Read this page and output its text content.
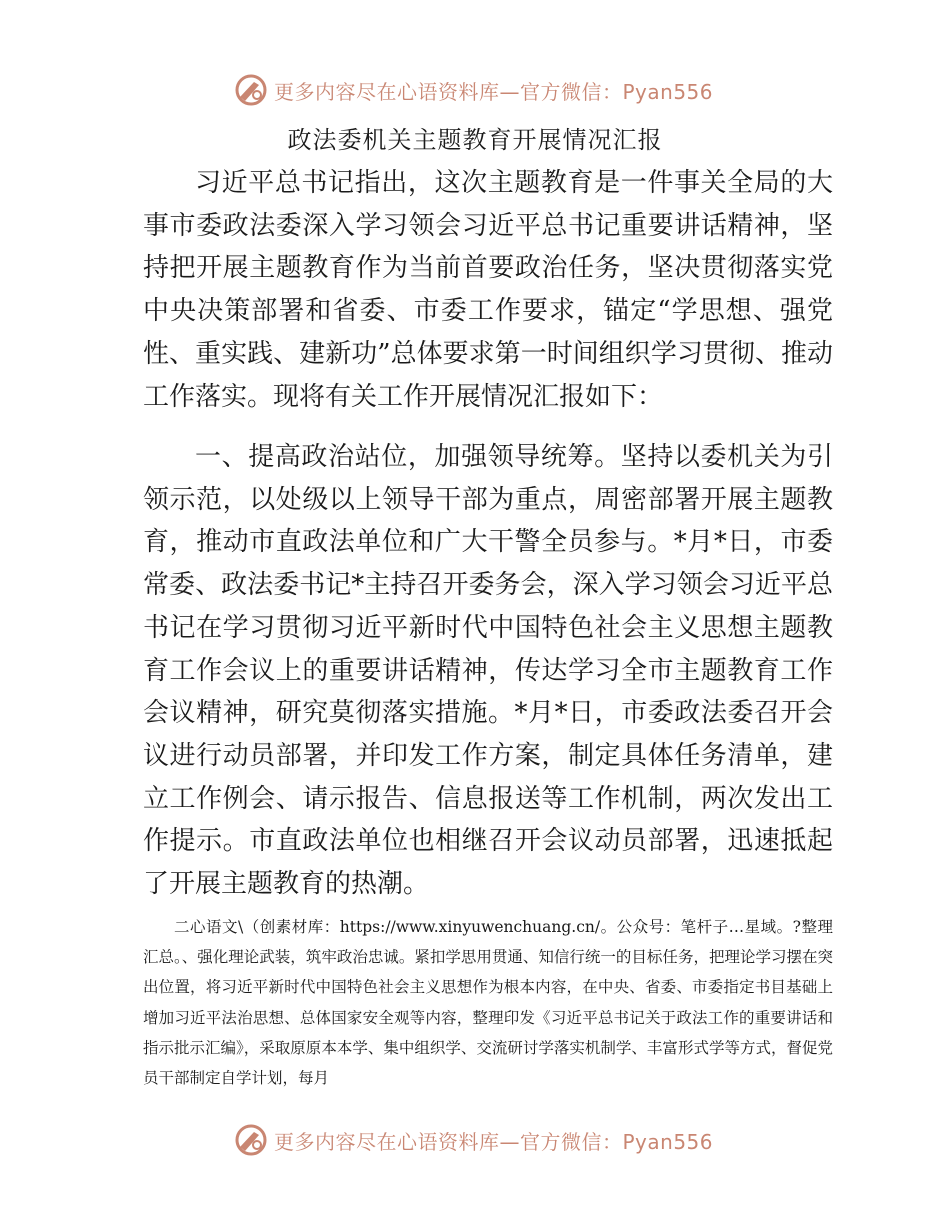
更多内容尽在心语资料库—官方微信：Pyan556
政法委机关主题教育开展情况汇报

习近平总书记指出，这次主题教育是一件事关全局的大事市委政法委深入学习领会习近平总书记重要讲话精神，坚持把开展主题教育作为当前首要政治任务，坚决贯彻落实党中央决策部署和省委、市委工作要求，锚定“学思想、强党性、重实践、建新功”总体要求第一时间组织学习贯彻、推动工作落实。现将有关工作开展情况汇报如下：

一、提高政治站位，加强领导统筹。坚持以委机关为引领示范，以处级以上领导干部为重点，周密部署开展主题教育，推动市直政法单位和广大干警全员参与。*月*日，市委常委、政法委书记*主持召开委务会，深入学习领会习近平总书记在学习贯彻习近平新时代中国特色社会主义思想主题教育工作会议上的重要讲话精神，传达学习全市主题教育工作会议精神，研究莫彻落实措施。*月*日，市委政法委召开会议进行动员部署，并印发工作方案，制定具体任务清单，建立工作例会、请示报告、信息报送等工作机制，两次发出工作提示。市直政法单位也相继召开会议动员部署，迅速抵起了开展主题教育的热潮。

二心语文\（创素材库：https://www.xinyuwenchuang.cn/。公众号：笔杆子…星域。?整理汇总。、强化理论武装，筑牢政治忠诚。紧扣学思用贯通、知信行统一的目标任务，把理论学习摆在突出位置，将习近平新时代中国特色社会主义思想作为根本内容，在中央、省委、市委指定书目基础上增加习近平法治思想、总体国家安全观等内容，整理印发《习近平总书记关于政法工作的重要讲话和指示批示汇编》，采取原原本本学、集中组织学、交流研讨学落实机制学、丰富形式学等方式，督促党员干部制定自学计划，每月

更多内容尽在心语资料库—官方微信：Pyan556
